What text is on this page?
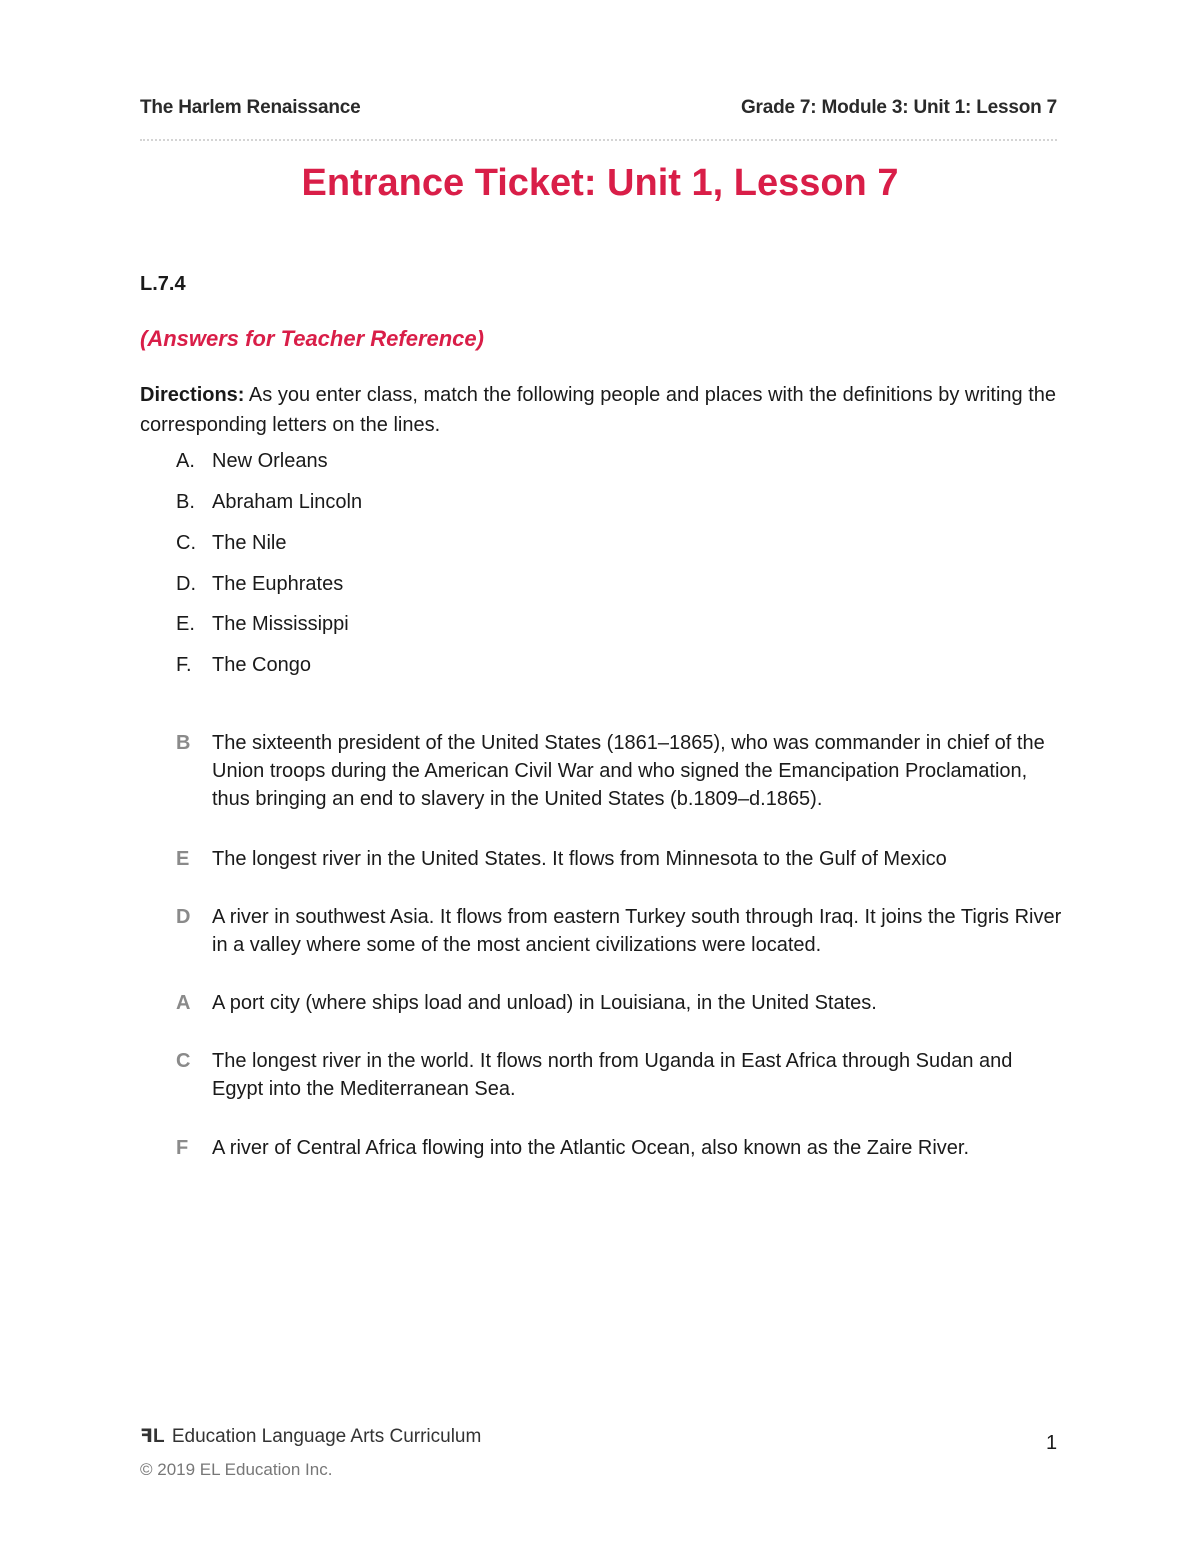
The Harlem Renaissance	Grade 7: Module 3: Unit 1: Lesson 7
Entrance Ticket: Unit 1, Lesson 7
L.7.4
(Answers for Teacher Reference)
Directions: As you enter class, match the following people and places with the definitions by writing the corresponding letters on the lines.
A. New Orleans
B. Abraham Lincoln
C. The Nile
D. The Euphrates
E. The Mississippi
F.	The Congo
B	The sixteenth president of the United States (1861–1865), who was commander in chief of the Union troops during the American Civil War and who signed the Emancipation Proclamation, thus bringing an end to slavery in the United States (b.1809–d.1865).
E	The longest river in the United States. It flows from Minnesota to the Gulf of Mexico
D	A river in southwest Asia. It flows from eastern Turkey south through Iraq. It joins the Tigris River in a valley where some of the most ancient civilizations were located.
A	A port city (where ships load and unload) in Louisiana, in the United States.
C	The longest river in the world. It flows north from Uganda in East Africa through Sudan and Egypt into the Mediterranean Sea.
F	A river of Central Africa flowing into the Atlantic Ocean, also known as the Zaire River.
ꟻL Education Language Arts Curriculum
© 2019 EL Education Inc.
1
